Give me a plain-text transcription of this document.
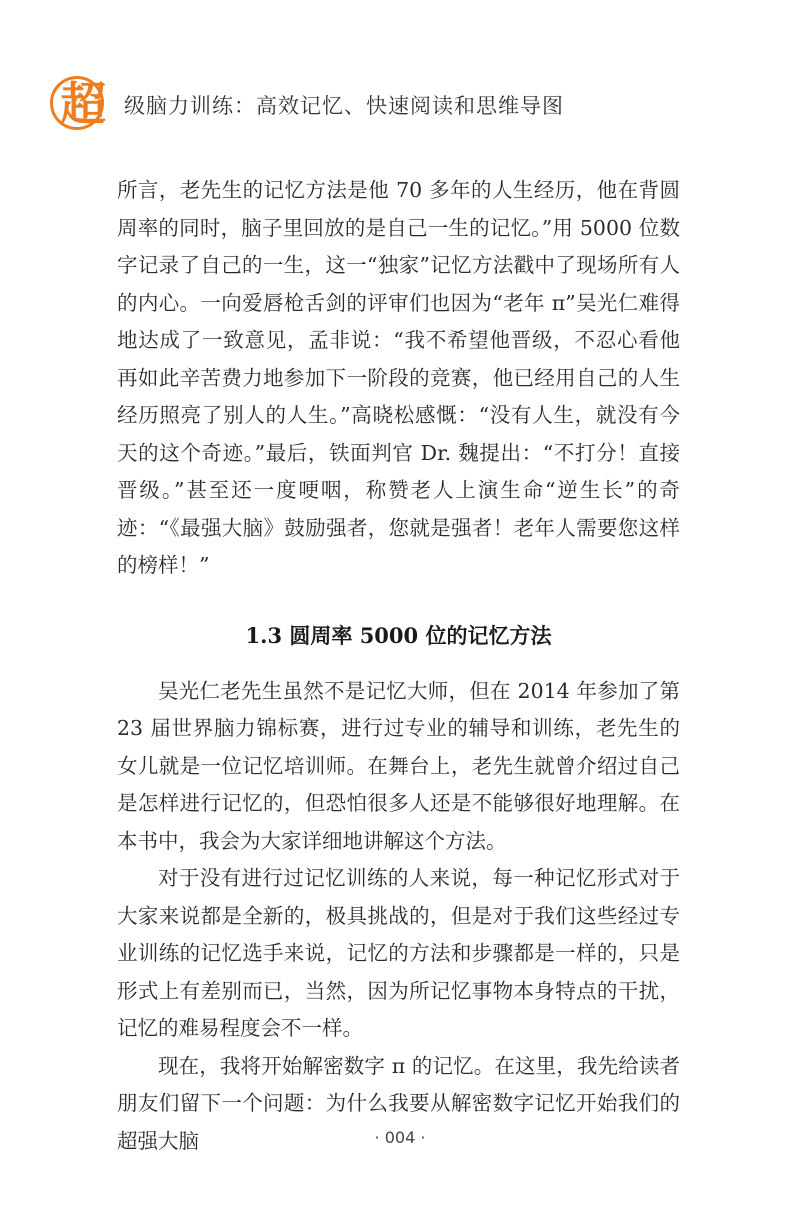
超 级脑力训练：高效记忆、快速阅读和思维导图

所言，老先生的记忆方法是他 70 多年的人生经历，他在背圆周率的同时，脑子里回放的是自己一生的记忆。”用 5000 位数字记录了自己的一生，这一“独家”记忆方法戳中了现场所有人的内心。一向爱唇枪舌剑的评审们也因为“老年 π”吴光仁难得地达成了一致意见，孟非说：“我不希望他晋级，不忍心看他再如此辛苦费力地参加下一阶段的竞赛，他已经用自己的人生经历照亮了别人的人生。”高晓松感慨：“没有人生，就没有今天的这个奇迹。”最后，铁面判官 Dr. 魏提出：“不打分！直接晋级。”甚至还一度哽咽，称赞老人上演生命“逆生长”的奇迹：“《最强大脑》鼓励强者，您就是强者！老年人需要您这样的榜样！”

1.3 圆周率 5000 位的记忆方法

吴光仁老先生虽然不是记忆大师，但在 2014 年参加了第 23 届世界脑力锦标赛，进行过专业的辅导和训练，老先生的女儿就是一位记忆培训师。在舞台上，老先生就曾介绍过自己是怎样进行记忆的，但恐怕很多人还是不能够很好地理解。在本书中，我会为大家详细地讲解这个方法。

对于没有进行过记忆训练的人来说，每一种记忆形式对于大家来说都是全新的，极具挑战的，但是对于我们这些经过专业训练的记忆选手来说，记忆的方法和步骤都是一样的，只是形式上有差别而已，当然，因为所记忆事物本身特点的干扰，记忆的难易程度会不一样。

现在，我将开始解密数字 π 的记忆。在这里，我先给读者朋友们留下一个问题：为什么我要从解密数字记忆开始我们的超强大脑	· 004 ·
